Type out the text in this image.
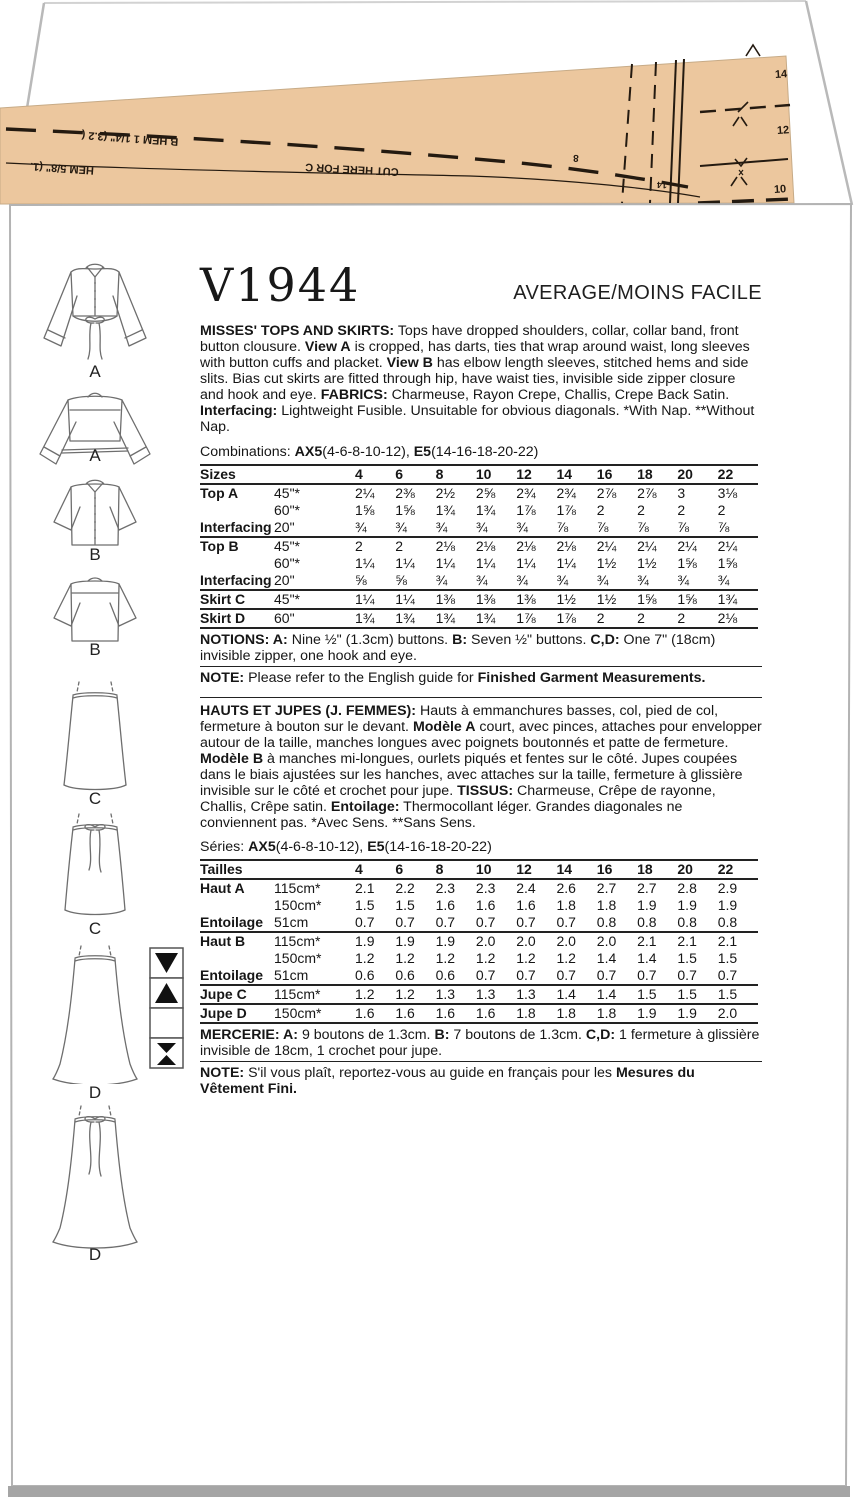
B HEM 1 1/4" (3.2 (
HEM 5/8" (1.	CUT HERE FOR C
8
14
14
12
10
A
A
B
B
C
C
D
D
V1944	AVERAGE/MOINS FACILE

MISSES' TOPS AND SKIRTS: Tops have dropped shoulders, collar, collar band, front button clousure. View A is cropped, has darts, ties that wrap around waist, long sleeves with button cuffs and placket. View B has elbow length sleeves, stitched hems and side slits. Bias cut skirts are fitted through hip, have waist ties, invisible side zipper closure and hook and eye. FABRICS: Charmeuse, Rayon Crepe, Challis, Crepe Back Satin. Interfacing: Lightweight Fusible. Unsuitable for obvious diagonals. *With Nap. **Without Nap.

Combinations: AX5(4-6-8-10-12), E5(14-16-18-20-22)

Sizes		4	6	8	10	12	14	16	18	20	22
Top A	45"*	2¼	2⅜	2½	2⅝	2¾	2¾	2⅞	2⅞	3	3⅛
	60"*	1⅝	1⅝	1¾	1¾	1⅞	1⅞	2	2	2	2
Interfacing	20"	¾	¾	¾	¾	¾	⅞	⅞	⅞	⅞	⅞
Top B	45"*	2	2	2⅛	2⅛	2⅛	2⅛	2¼	2¼	2¼	2¼
	60"*	1¼	1¼	1¼	1¼	1¼	1¼	1½	1½	1⅝	1⅝
Interfacing	20"	⅝	⅝	¾	¾	¾	¾	¾	¾	¾	¾
Skirt C	45"*	1¼	1¼	1⅜	1⅜	1⅜	1½	1½	1⅝	1⅝	1¾
Skirt D	60"	1¾	1¾	1¾	1¾	1⅞	1⅞	2	2	2	2⅛

NOTIONS: A: Nine ½" (1.3cm) buttons. B: Seven ½" buttons. C,D: One 7" (18cm) invisible zipper, one hook and eye.

NOTE: Please refer to the English guide for Finished Garment Measurements.

HAUTS ET JUPES (J. FEMMES): Hauts à emmanchures basses, col, pied de col, fermeture à bouton sur le devant. Modèle A court, avec pinces, attaches pour envelopper autour de la taille, manches longues avec poignets boutonnés et patte de fermeture. Modèle B à manches mi-longues, ourlets piqués et fentes sur le côté. Jupes coupées dans le biais ajustées sur les hanches, avec attaches sur la taille, fermeture à glissière invisible sur le côté et crochet pour jupe. TISSUS: Charmeuse, Crêpe de rayonne, Challis, Crêpe satin. Entoilage: Thermocollant léger. Grandes diagonales ne conviennent pas. *Avec Sens. **Sans Sens.

Séries: AX5(4-6-8-10-12), E5(14-16-18-20-22)

Tailles		4	6	8	10	12	14	16	18	20	22
Haut A	115cm*	2.1	2.2	2.3	2.3	2.4	2.6	2.7	2.7	2.8	2.9
	150cm*	1.5	1.5	1.6	1.6	1.6	1.8	1.8	1.9	1.9	1.9
Entoilage	51cm	0.7	0.7	0.7	0.7	0.7	0.7	0.8	0.8	0.8	0.8
Haut B	115cm*	1.9	1.9	1.9	2.0	2.0	2.0	2.0	2.1	2.1	2.1
	150cm*	1.2	1.2	1.2	1.2	1.2	1.2	1.4	1.4	1.5	1.5
Entoilage	51cm	0.6	0.6	0.6	0.7	0.7	0.7	0.7	0.7	0.7	0.7
Jupe C	115cm*	1.2	1.2	1.3	1.3	1.3	1.4	1.4	1.5	1.5	1.5
Jupe D	150cm*	1.6	1.6	1.6	1.6	1.8	1.8	1.8	1.9	1.9	2.0

MERCERIE: A: 9 boutons de 1.3cm. B: 7 boutons de 1.3cm. C,D: 1 fermeture à glissière invisible de 18cm, 1 crochet pour jupe.

NOTE: S'il vous plaît, reportez-vous au guide en français pour les Mesures du Vêtement Fini.
